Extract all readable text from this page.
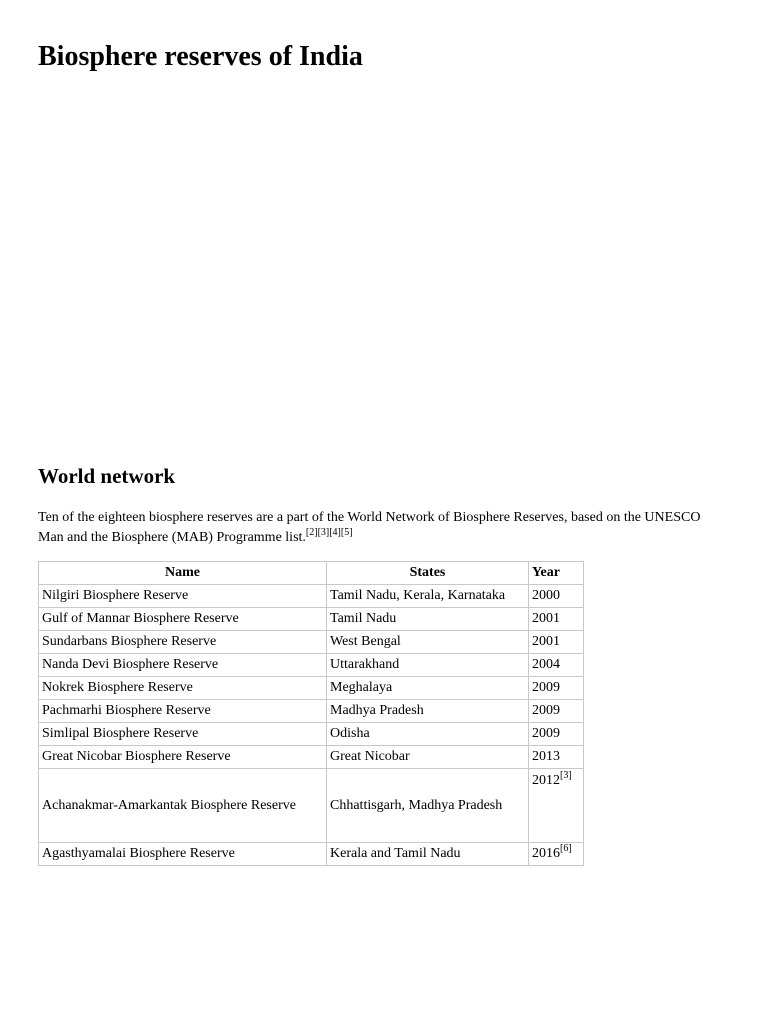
Biosphere reserves of India
World network

Ten of the eighteen biosphere reserves are a part of the World Network of Biosphere Reserves, based on the UNESCO Man and the Biosphere (MAB) Programme list.[2][3][4][5]

Name	States	Year
Nilgiri Biosphere Reserve	Tamil Nadu, Kerala, Karnataka	2000
Gulf of Mannar Biosphere Reserve	Tamil Nadu	2001
Sundarbans Biosphere Reserve	West Bengal	2001
Nanda Devi Biosphere Reserve	Uttarakhand	2004
Nokrek Biosphere Reserve	Meghalaya	2009
Pachmarhi Biosphere Reserve	Madhya Pradesh	2009
Simlipal Biosphere Reserve	Odisha	2009
Great Nicobar Biosphere Reserve	Great Nicobar	2013
Achanakmar-Amarkantak Biosphere Reserve	Chhattisgarh, Madhya Pradesh	2012[3]
Agasthyamalai Biosphere Reserve	Kerala and Tamil Nadu	2016[6]
